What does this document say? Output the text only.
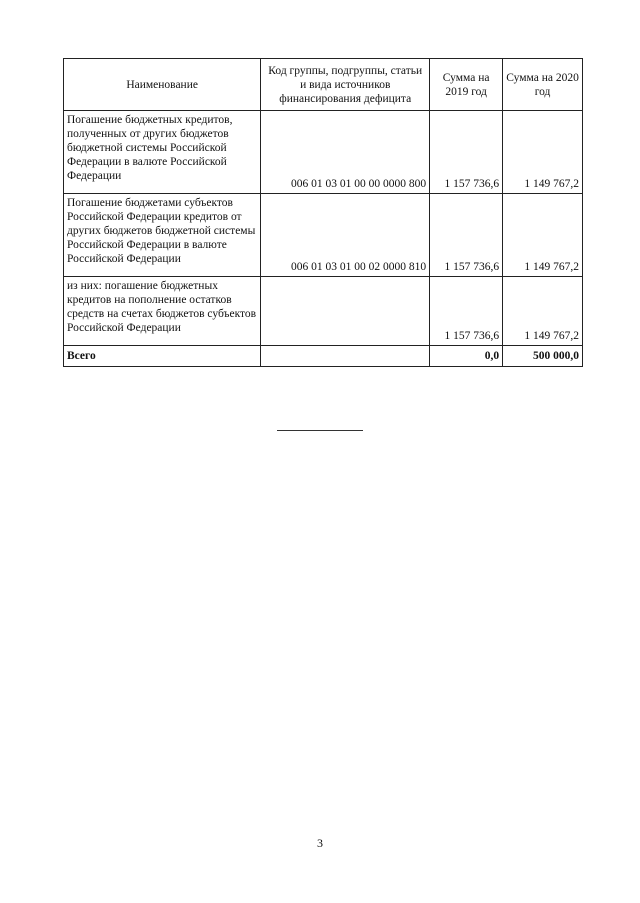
Наименование	Код группы, подгруппы, статьи и вида источников финансирования дефицита	Сумма на 2019 год	Сумма на 2020 год
Погашение бюджетных кредитов, полученных от других бюджетов бюджетной системы Российской Федерации в валюте Российской Федерации	006 01 03 01 00 00 0000 800	1 157 736,6	1 149 767,2
Погашение бюджетами субъектов Российской Федерации кредитов от других бюджетов бюджетной системы Российской Федерации в валюте Российской Федерации	006 01 03 01 00 02 0000 810	1 157 736,6	1 149 767,2
из них: погашение бюджетных кредитов на пополнение остатков средств на счетах бюджетов субъектов Российской Федерации		1 157 736,6	1 149 767,2
Всего		0,0	500 000,0
3
